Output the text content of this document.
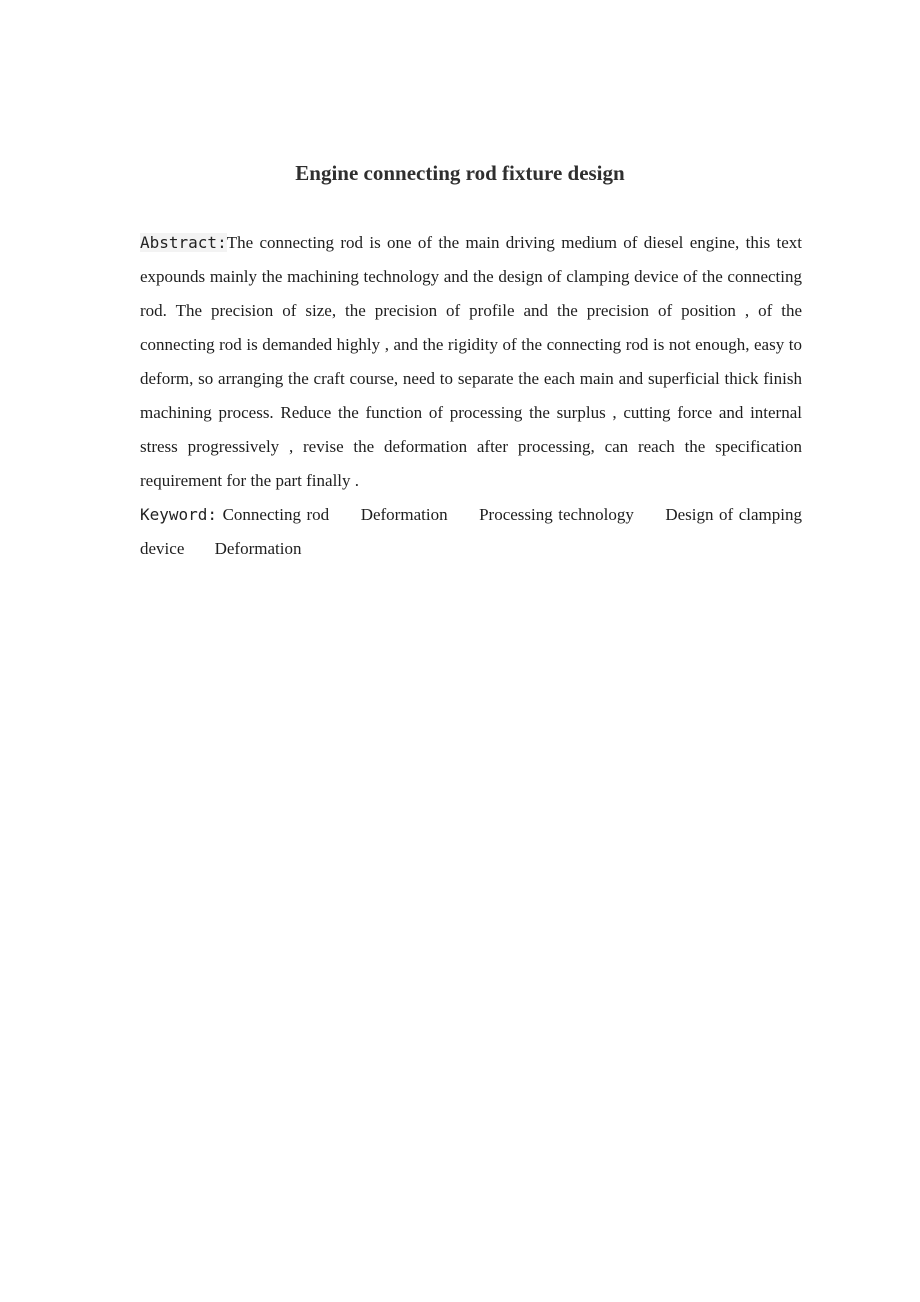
Engine connecting rod fixture design

Abstract:The connecting rod is one of the main driving medium of diesel engine, this text expounds mainly the machining technology and the design of clamping device of the connecting rod. The precision of size, the precision of profile and the precision of position , of the connecting rod is demanded highly , and the rigidity of the connecting rod is not enough, easy to deform, so arranging the craft course, need to separate the each main and superficial thick finish machining process. Reduce the function of processing the surplus , cutting force and internal stress progressively , revise the deformation after processing, can reach the specification requirement for the part finally .

Keyword: Connecting rod Deformation Processing technology Design of clamping device Deformation
